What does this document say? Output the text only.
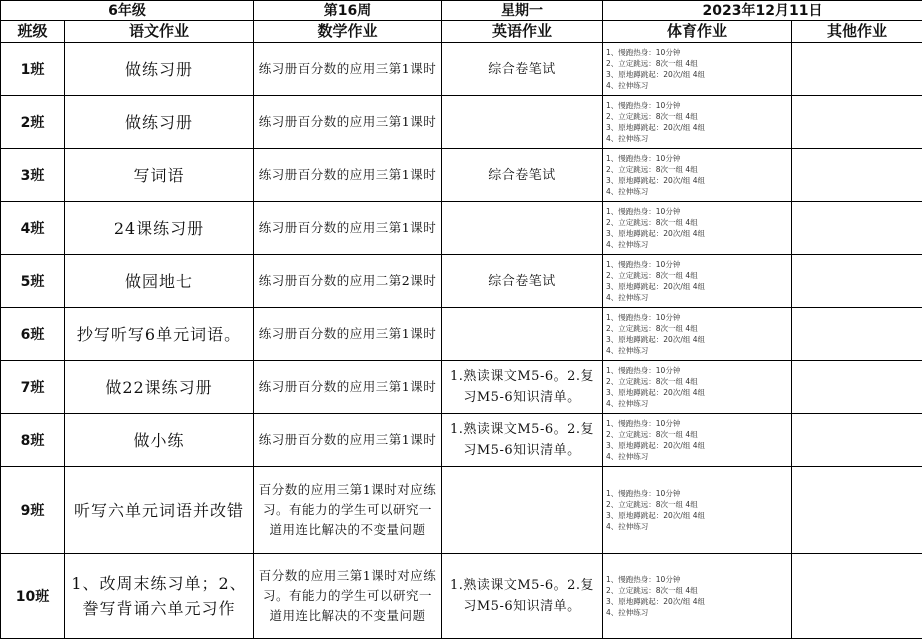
6年级		第16周	星期一	2023年12月11日	
班级	语文作业	数学作业	英语作业	体育作业	其他作业
1班	做练习册	练习册百分数的应用三第1课时	综合卷笔试	1、慢跑热身：10分钟
2、立定跳远：8次一组 4组
3、原地蹲跳起：20次/组 4组
4、拉伸练习	

2班	做练习册	练习册百分数的应用三第1课时		1、慢跑热身：10分钟
2、立定跳远：8次一组 4组
3、原地蹲跳起：20次/组 4组
4、拉伸练习	

3班	写词语	练习册百分数的应用三第1课时	综合卷笔试	1、慢跑热身：10分钟
2、立定跳远：8次一组 4组
3、原地蹲跳起：20次/组 4组
4、拉伸练习	

4班	24课练习册	练习册百分数的应用三第1课时		1、慢跑热身：10分钟
2、立定跳远：8次一组 4组
3、原地蹲跳起：20次/组 4组
4、拉伸练习	

5班	做园地七	练习册百分数的应用二第2课时	综合卷笔试	1、慢跑热身：10分钟
2、立定跳远：8次一组 4组
3、原地蹲跳起：20次/组 4组
4、拉伸练习	

6班	抄写听写6单元词语。	练习册百分数的应用三第1课时		1、慢跑热身：10分钟
2、立定跳远：8次一组 4组
3、原地蹲跳起：20次/组 4组
4、拉伸练习	

7班	做22课练习册	练习册百分数的应用三第1课时	1.熟读课文M5-6。2.复习M5-6知识清单。	1、慢跑热身：10分钟
2、立定跳远：8次一组 4组
3、原地蹲跳起：20次/组 4组
4、拉伸练习	

8班	做小练	练习册百分数的应用三第1课时	1.熟读课文M5-6。2.复习M5-6知识清单。	1、慢跑热身：10分钟
2、立定跳远：8次一组 4组
3、原地蹲跳起：20次/组 4组
4、拉伸练习	

9班	听写六单元词语并改错	百分数的应用三第1课时对应练习。有能力的学生可以研究一道用连比解决的不变量问题		1、慢跑热身：10分钟
2、立定跳远：8次一组 4组
3、原地蹲跳起：20次/组 4组
4、拉伸练习	

10班	1、改周末练习单；2、誊写背诵六单元习作	百分数的应用三第1课时对应练习。有能力的学生可以研究一道用连比解决的不变量问题	1.熟读课文M5-6。2.复习M5-6知识清单。	1、慢跑热身：10分钟
2、立定跳远：8次一组 4组
3、原地蹲跳起：20次/组 4组
4、拉伸练习	
